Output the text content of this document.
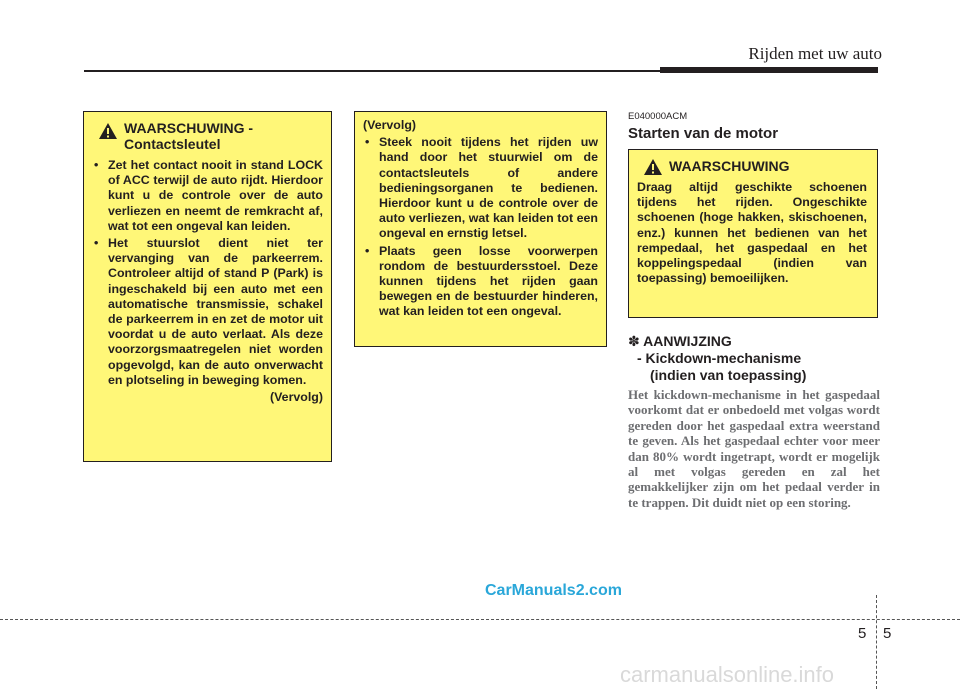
Rijden met uw auto
WAARSCHUWING -
Contactsleutel
• Zet het contact nooit in stand LOCK of ACC terwijl de auto rijdt. Hierdoor kunt u de controle over de auto verliezen en neemt de remkracht af, wat tot een ongeval kan leiden.
• Het stuurslot dient niet ter vervanging van de parkeerrem. Controleer altijd of stand P (Park) is ingeschakeld bij een auto met een automatische transmissie, schakel de parkeerrem in en zet de motor uit voordat u de auto verlaat. Als deze voorzorgsmaatregelen niet worden opgevolgd, kan de auto onverwacht en plotseling in beweging komen.
(Vervolg)
(Vervolg)
• Steek nooit tijdens het rijden uw hand door het stuurwiel om de contactsleutels of andere bedieningsorganen te bedienen. Hierdoor kunt u de controle over de auto verliezen, wat kan leiden tot een ongeval en ernstig letsel.
• Plaats geen losse voorwerpen rondom de bestuurdersstoel. Deze kunnen tijdens het rijden gaan bewegen en de bestuurder hinderen, wat kan leiden tot een ongeval.
E040000ACM
Starten van de motor
WAARSCHUWING
Draag altijd geschikte schoenen tijdens het rijden. Ongeschikte schoenen (hoge hakken, skischoenen, enz.) kunnen het bedienen van het rempedaal, het gaspedaal en het koppelingspedaal (indien van toepassing) bemoeilijken.
✽ AANWIJZING
- Kickdown-mechanisme
(indien van toepassing)
Het kickdown-mechanisme in het gaspedaal voorkomt dat er onbedoeld met volgas wordt gereden door het gaspedaal extra weerstand te geven. Als het gaspedaal echter voor meer dan 80% wordt ingetrapt, wordt er mogelijk al met volgas gereden en zal het gemakkelijker zijn om het pedaal verder in te trappen. Dit duidt niet op een storing.
CarManuals2.com
5 5
carmanualsonline.info
